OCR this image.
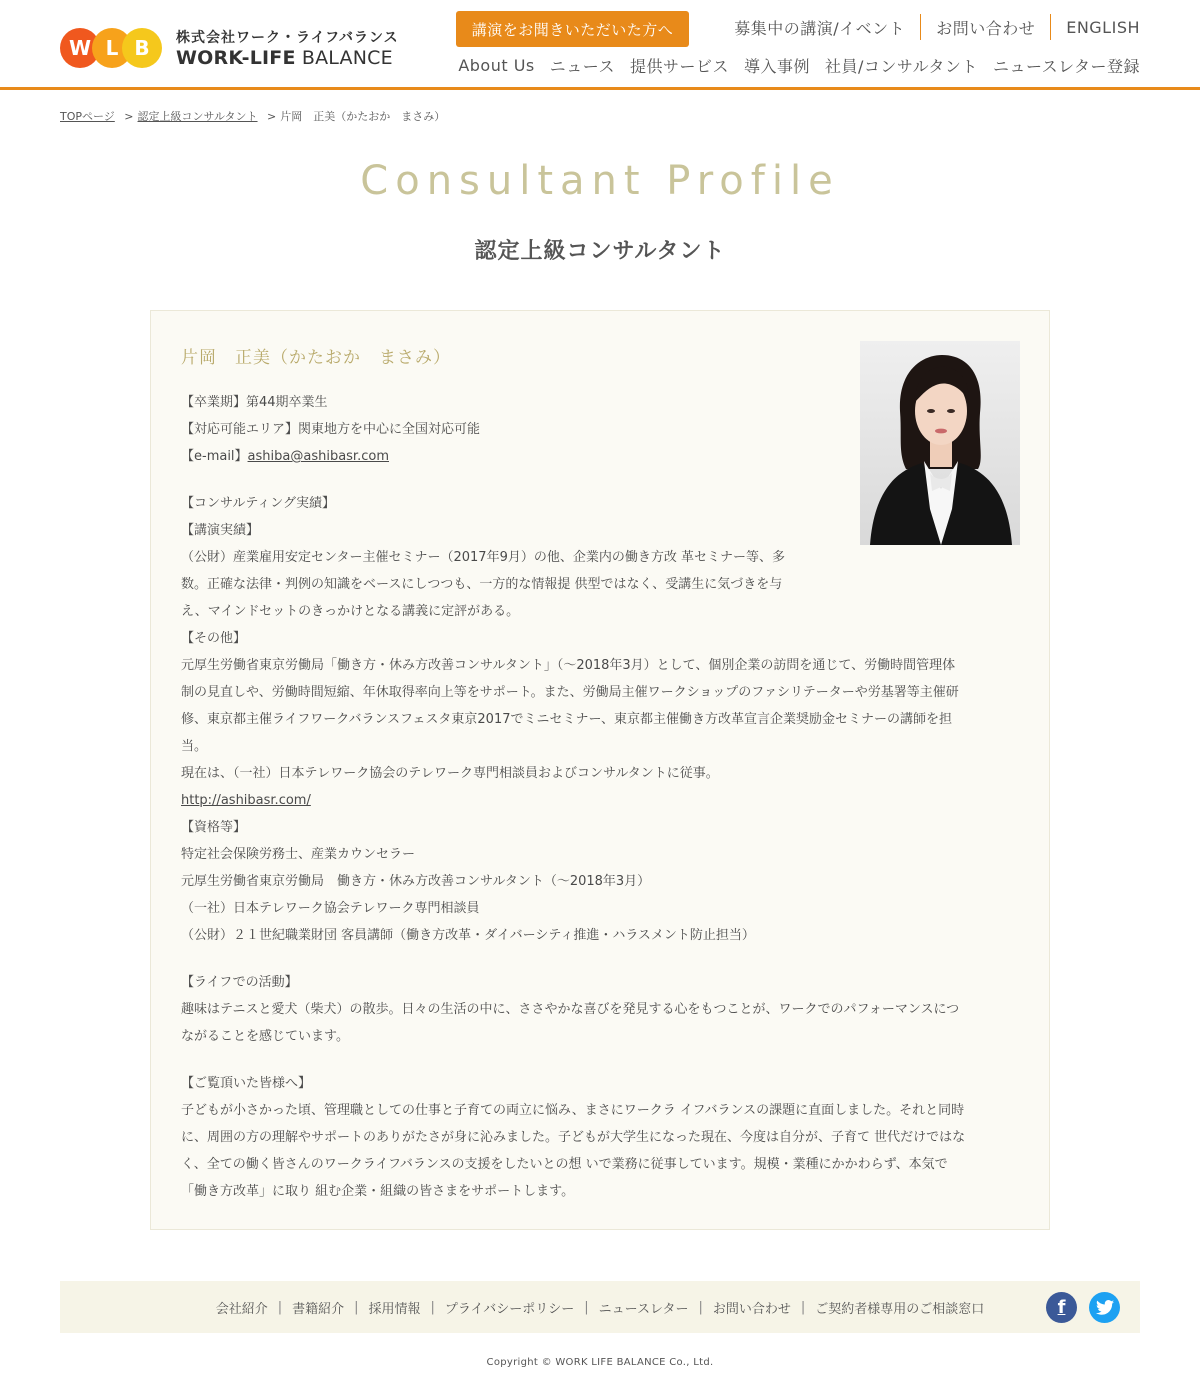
W L B	株式会社ワーク・ライフバランス
WORK-LIFE BALANCE
講演をお聞きいただいた方へ	募集中の講演/イベント	お問い合わせ	ENGLISH
About Us ニュース 提供サービス 導入事例 社員/コンサルタント ニュースレター登録
TOPページ > 認定上級コンサルタント > 片岡　正美（かたおか　まさみ）
Consultant Profile
認定上級コンサルタント
片岡　正美（かたおか　まさみ）
【卒業期】第44期卒業生
【対応可能エリア】関東地方を中心に全国対応可能
【e-mail】ashiba@ashibasr.com
【コンサルティング実績】
【講演実績】
（公財）産業雇用安定センター主催セミナー（2017年9月）の他、企業内の働き方改 革セミナー等、多
数。正確な法律・判例の知識をベースにしつつも、一方的な情報提 供型ではなく、受講生に気づきを与
え、マインドセットのきっかけとなる講義に定評がある。
【その他】
元厚生労働省東京労働局「働き方・休み方改善コンサルタント」（〜2018年3月）として、個別企業の訪問を通じて、労働時間管理体
制の見直しや、労働時間短縮、年休取得率向上等をサポート。また、労働局主催ワークショップのファシリテーターや労基署等主催研
修、東京都主催ライフワークバランスフェスタ東京2017でミニセミナー、東京都主催働き方改革宣言企業奨励金セミナーの講師を担
当。
現在は、（一社）日本テレワーク協会のテレワーク専門相談員およびコンサルタントに従事。
http://ashibasr.com/
【資格等】
特定社会保険労務士、産業カウンセラー
元厚生労働省東京労働局　働き方・休み方改善コンサルタント（〜2018年3月）
（一社）日本テレワーク協会テレワーク専門相談員
（公財）２１世紀職業財団 客員講師（働き方改革・ダイバーシティ推進・ハラスメント防止担当）
【ライフでの活動】
趣味はテニスと愛犬（柴犬）の散歩。日々の生活の中に、ささやかな喜びを発見する心をもつことが、ワークでのパフォーマンスにつ
ながることを感じています。
【ご覧頂いた皆様へ】
子どもが小さかった頃、管理職としての仕事と子育ての両立に悩み、まさにワークラ イフバランスの課題に直面しました。それと同時
に、周囲の方の理解やサポートのありがたさが身に沁みました。子どもが大学生になった現在、今度は自分が、子育て 世代だけではな
く、全ての働く皆さんのワークライフバランスの支援をしたいとの想 いで業務に従事しています。規模・業種にかかわらず、本気で
「働き方改革」に取り 組む企業・組織の皆さまをサポートします。
会社紹介 | 書籍紹介 | 採用情報 | プライバシーポリシー | ニュースレター | お問い合わせ | ご契約者様専用のご相談窓口	f
Copyright © WORK LIFE BALANCE Co., Ltd.
